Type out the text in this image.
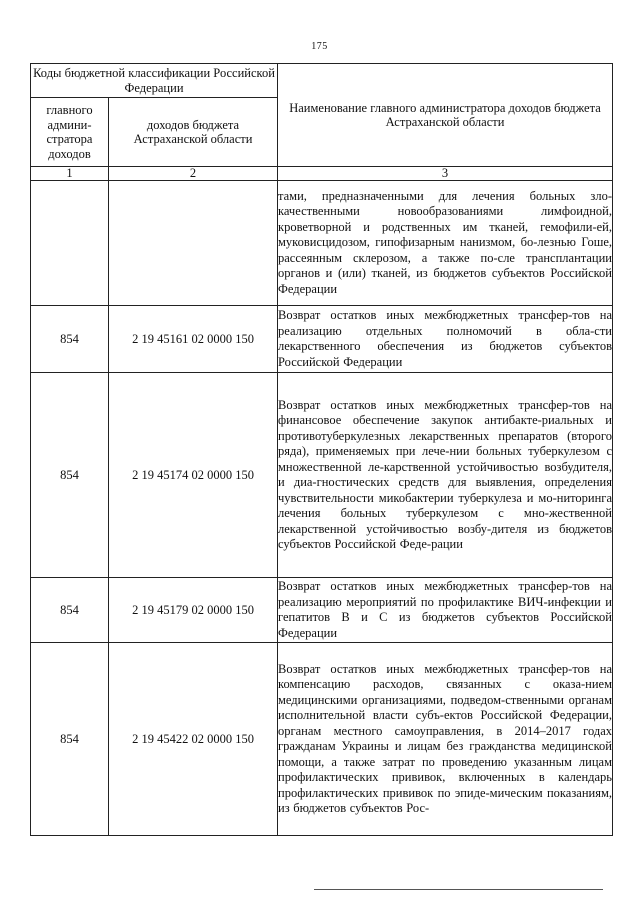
175
Коды бюджетной классификации Российской Федерации		Наименование главного администратора доходов бюджета Астраханской области
главного админи-стратора доходов	доходов бюджета Астраханской области	
1	2	3
		тами, предназначенными для лечения больных зло-качественными новообразованиями лимфоидной, кроветворной и родственных им тканей, гемофили-ей, муковисцидозом, гипофизарным нанизмом, бо-лезнью Гоше, рассеянным склерозом, а также по-сле трансплантации органов и (или) тканей, из бюджетов субъектов Российской Федерации
854	2 19 45161 02 0000 150	Возврат остатков иных межбюджетных трансфер-тов на реализацию отдельных полномочий в обла-сти лекарственного обеспечения из бюджетов субъектов Российской Федерации
854	2 19 45174 02 0000 150	Возврат остатков иных межбюджетных трансфер-тов на финансовое обеспечение закупок антибакте-риальных и противотуберкулезных лекарственных препаратов (второго ряда), применяемых при лече-нии больных туберкулезом с множественной ле-карственной устойчивостью возбудителя, и диа-гностических средств для выявления, определения чувствительности микобактерии туберкулеза и мо-ниторинга лечения больных туберкулезом с мно-жественной лекарственной устойчивостью возбу-дителя из бюджетов субъектов Российской Феде-рации
854	2 19 45179 02 0000 150	Возврат остатков иных межбюджетных трансфер-тов на реализацию мероприятий по профилактике ВИЧ-инфекции и гепатитов B и C из бюджетов субъектов Российской Федерации
854	2 19 45422 02 0000 150	Возврат остатков иных межбюджетных трансфер-тов на компенсацию расходов, связанных с оказа-нием медицинскими организациями, подведом-ственными органам исполнительной власти субъ-ектов Российской Федерации, органам местного самоуправления, в 2014–2017 годах гражданам Украины и лицам без гражданства медицинской помощи, а также затрат по проведению указанным лицам профилактических прививок, включенных в календарь профилактических прививок по эпиде-мическим показаниям, из бюджетов субъектов Рос-
